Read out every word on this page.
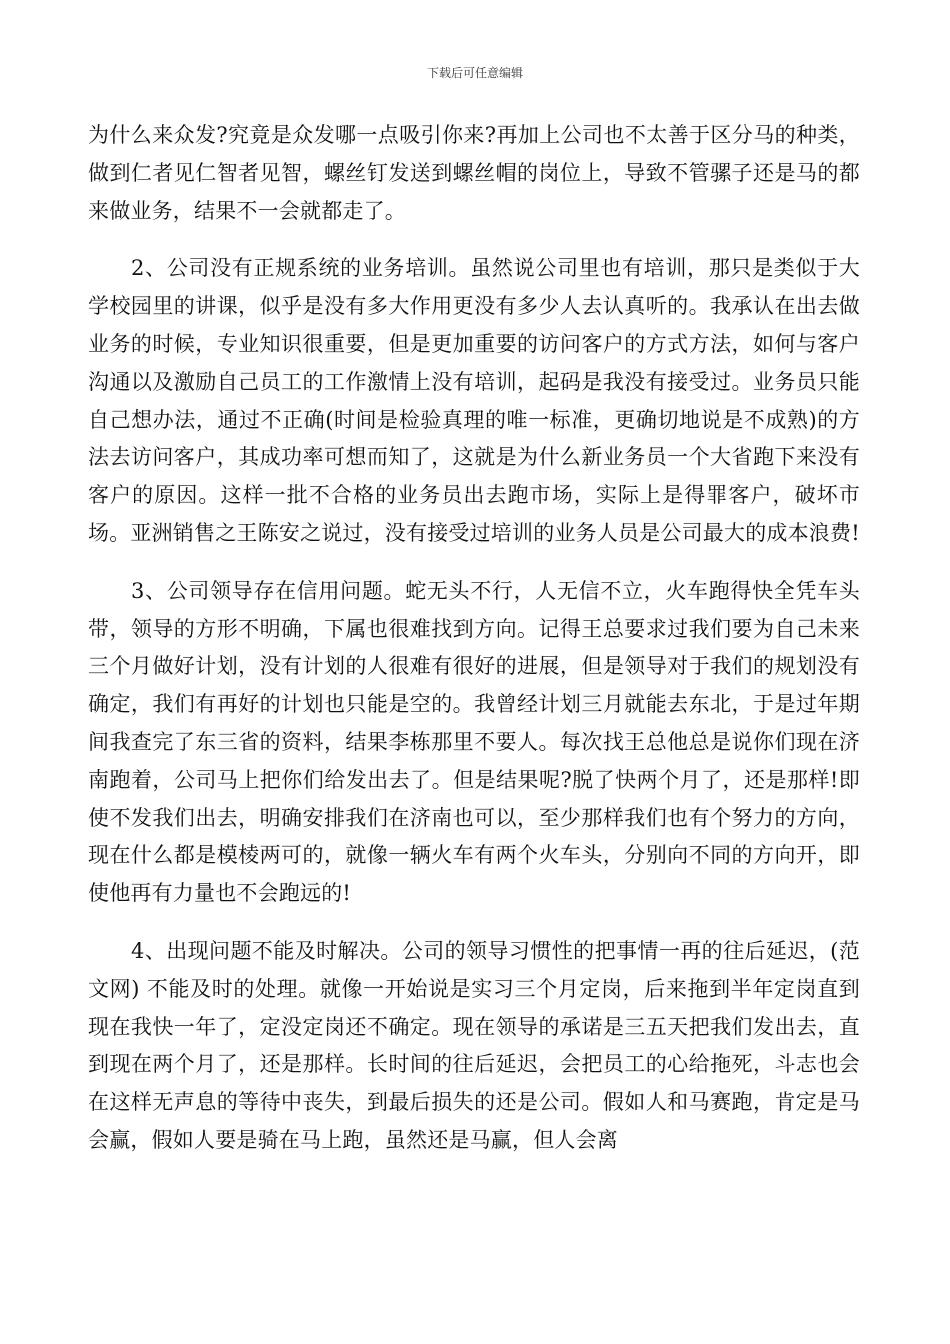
下载后可任意编辑

为什么来众发?究竟是众发哪一点吸引你来?再加上公司也不太善于区分马的种类，做到仁者见仁智者见智，螺丝钉发送到螺丝帽的岗位上，导致不管骡子还是马的都来做业务，结果不一会就都走了。

2、公司没有正规系统的业务培训。虽然说公司里也有培训，那只是类似于大学校园里的讲课，似乎是没有多大作用更没有多少人去认真听的。我承认在出去做业务的时候，专业知识很重要，但是更加重要的访问客户的方式方法，如何与客户沟通以及激励自己员工的工作激情上没有培训，起码是我没有接受过。业务员只能自己想办法，通过不正确(时间是检验真理的唯一标准，更确切地说是不成熟)的方法去访问客户，其成功率可想而知了，这就是为什么新业务员一个大省跑下来没有客户的原因。这样一批不合格的业务员出去跑市场，实际上是得罪客户，破坏市场。亚洲销售之王陈安之说过，没有接受过培训的业务人员是公司最大的成本浪费!

3、公司领导存在信用问题。蛇无头不行，人无信不立，火车跑得快全凭车头带，领导的方形不明确，下属也很难找到方向。记得王总要求过我们要为自己未来三个月做好计划，没有计划的人很难有很好的进展，但是领导对于我们的规划没有确定，我们有再好的计划也只能是空的。我曾经计划三月就能去东北，于是过年期间我查完了东三省的资料，结果李栋那里不要人。每次找王总他总是说你们现在济南跑着，公司马上把你们给发出去了。但是结果呢?脱了快两个月了，还是那样!即使不发我们出去，明确安排我们在济南也可以，至少那样我们也有个努力的方向，现在什么都是模棱两可的，就像一辆火车有两个火车头，分别向不同的方向开，即使他再有力量也不会跑远的!

4、出现问题不能及时解决。公司的领导习惯性的把事情一再的往后延迟，(范文网) 不能及时的处理。就像一开始说是实习三个月定岗，后来拖到半年定岗直到现在我快一年了，定没定岗还不确定。现在领导的承诺是三五天把我们发出去，直到现在两个月了，还是那样。长时间的往后延迟，会把员工的心给拖死，斗志也会在这样无声息的等待中丧失，到最后损失的还是公司。假如人和马赛跑，肯定是马会赢，假如人要是骑在马上跑，虽然还是马赢，但人会离
